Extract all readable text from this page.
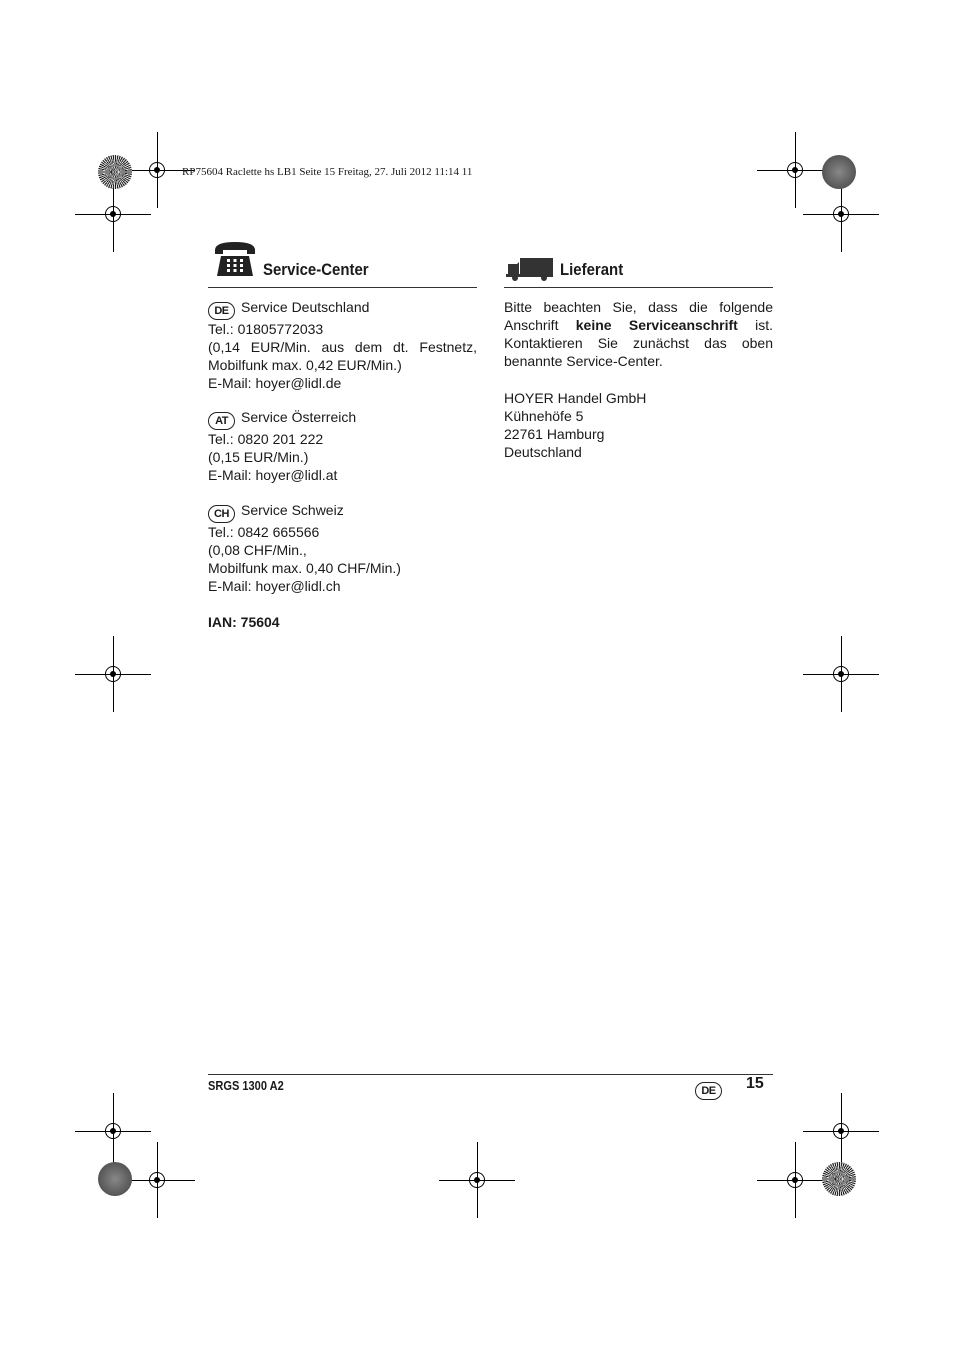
RP75604 Raclette hs LB1 Seite 15 Freitag, 27. Juli 2012 11:14 11
Service-Center
DE Service Deutschland
Tel.: 01805772033
(0,14 EUR/Min. aus dem dt. Festnetz, Mobilfunk max. 0,42 EUR/Min.)
E-Mail: hoyer@lidl.de
AT Service Österreich
Tel.: 0820 201 222
(0,15 EUR/Min.)
E-Mail: hoyer@lidl.at
CH Service Schweiz
Tel.: 0842 665566
(0,08 CHF/Min.,
Mobilfunk max. 0,40 CHF/Min.)
E-Mail: hoyer@lidl.ch
IAN: 75604
Lieferant
Bitte beachten Sie, dass die folgende Anschrift keine Serviceanschrift ist. Kontaktieren Sie zunächst das oben benannte Service-Center.
HOYER Handel GmbH
Kühnehöfe 5
22761 Hamburg
Deutschland
SRGS 1300 A2	DE	15
